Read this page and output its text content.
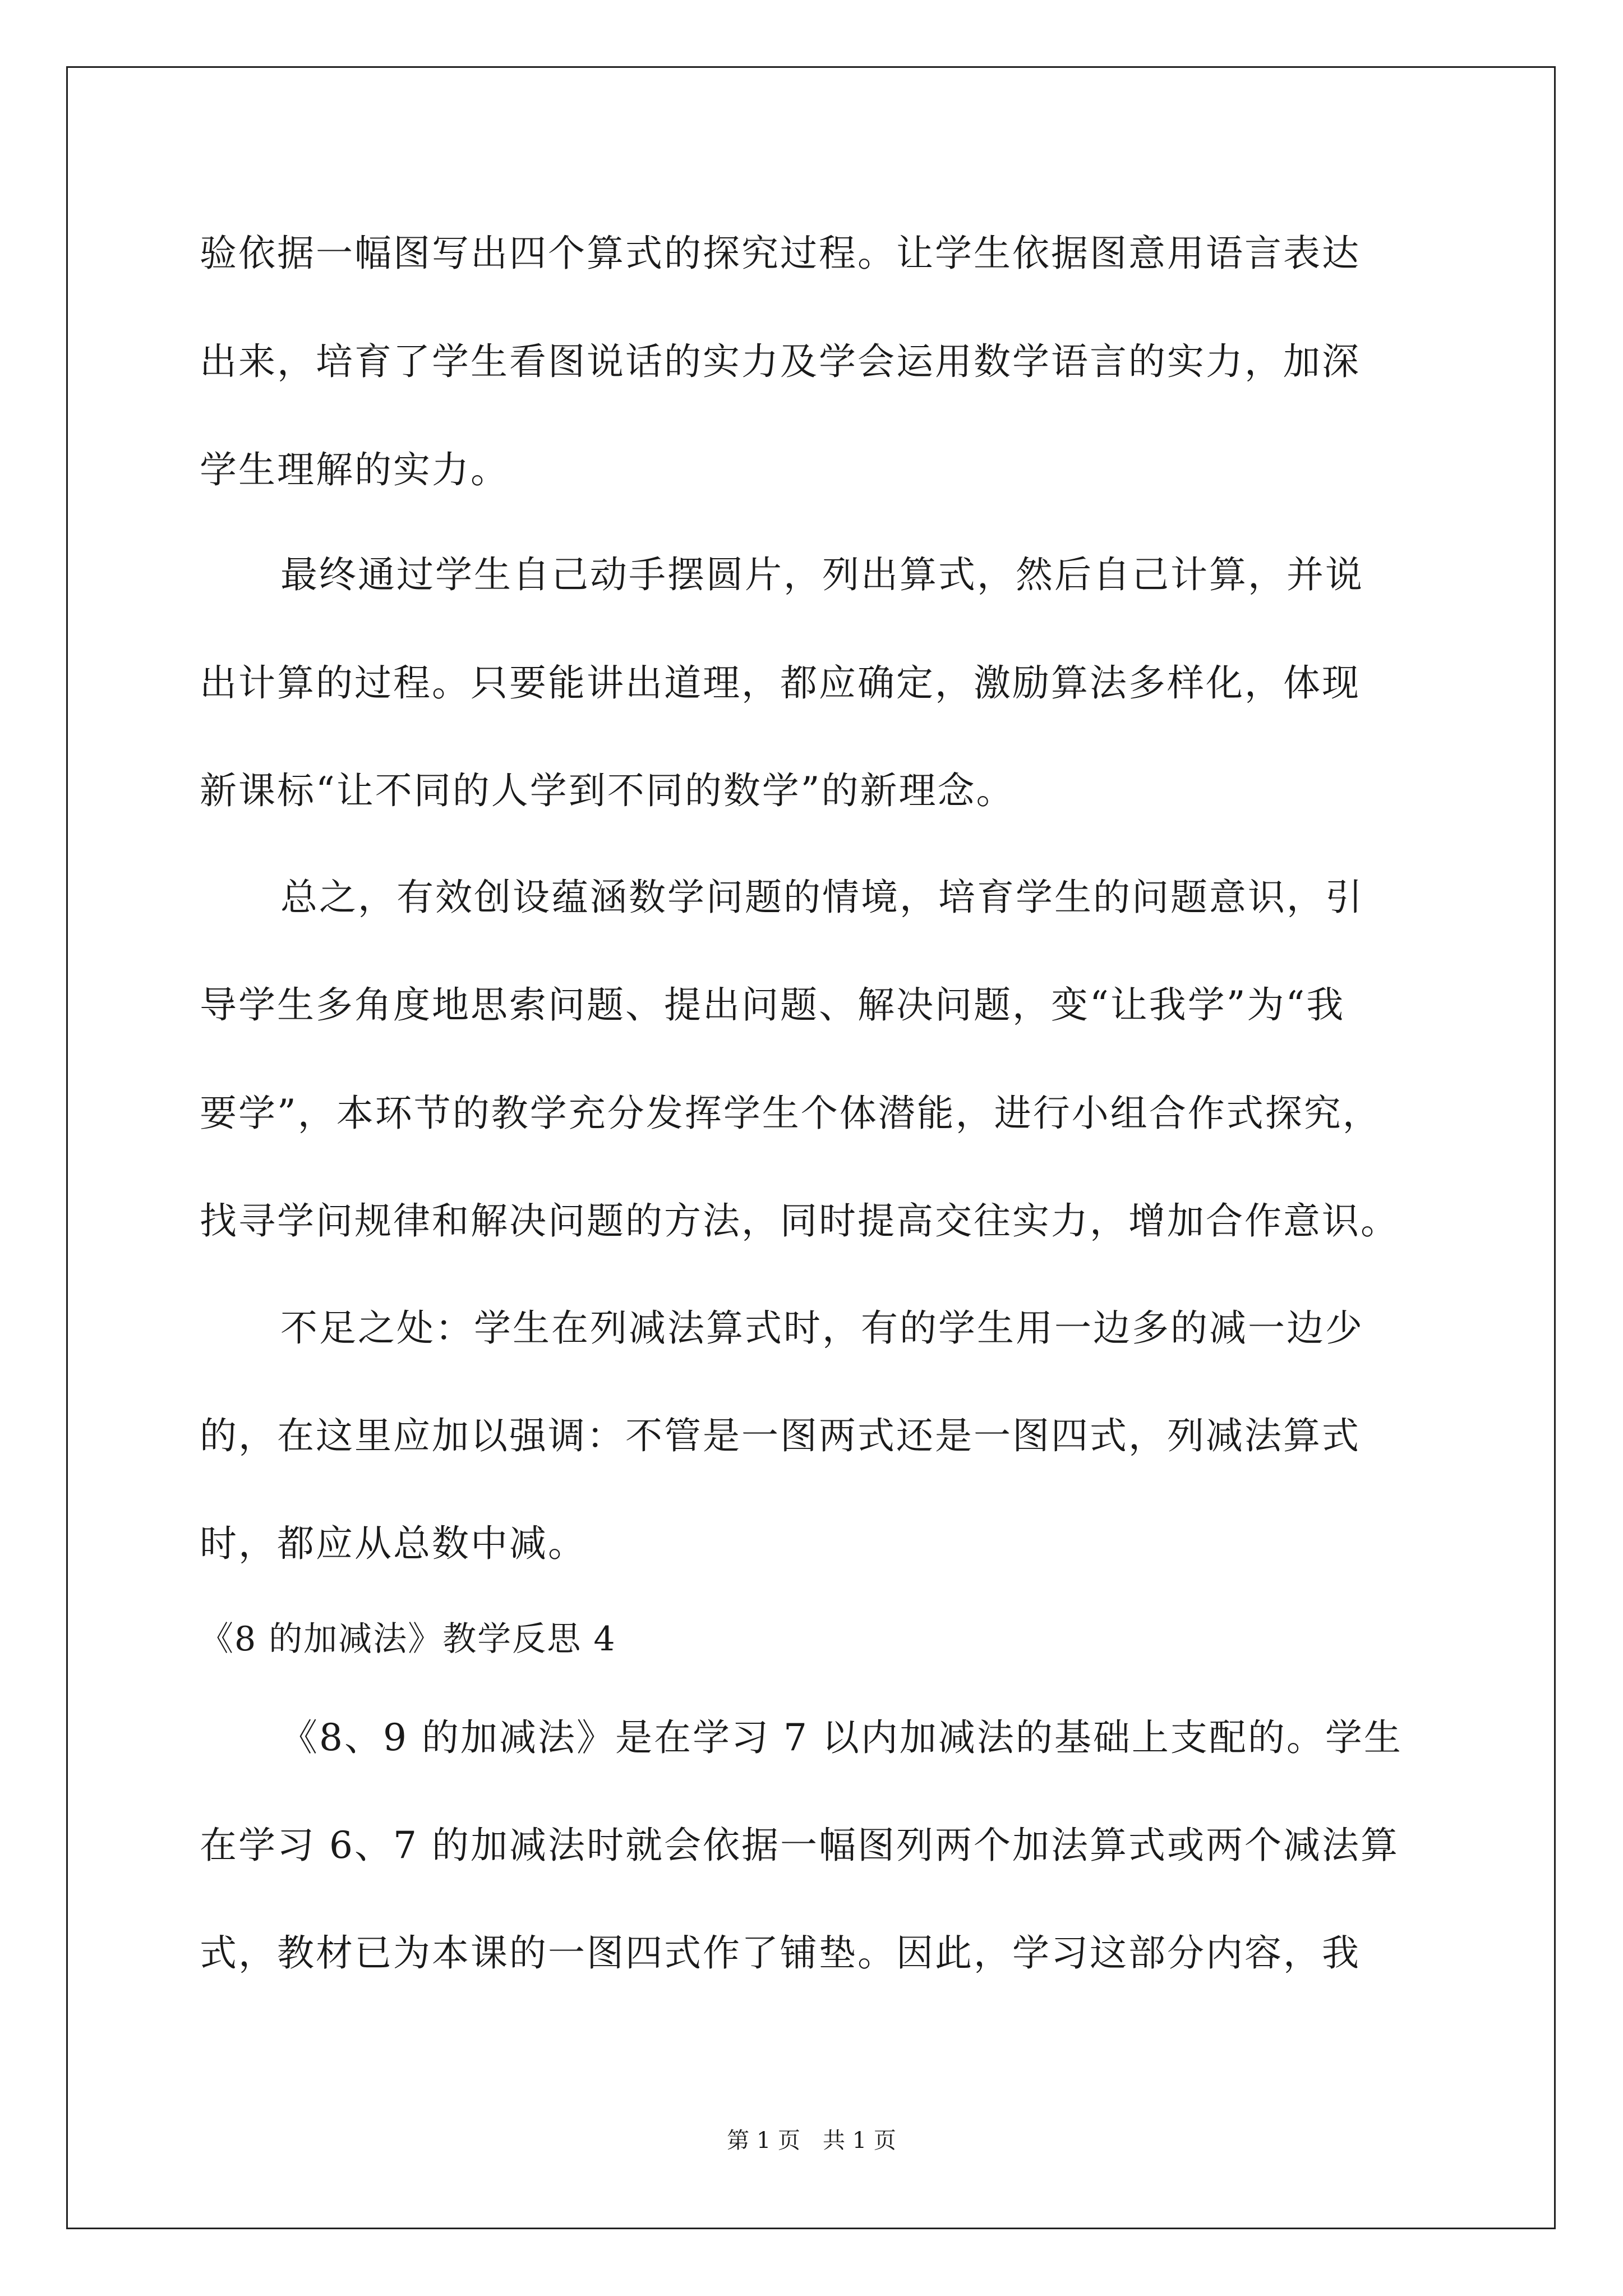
验依据一幅图写出四个算式的探究过程。让学生依据图意用语言表达
出来，培育了学生看图说话的实力及学会运用数学语言的实力，加深
学生理解的实力。
最终通过学生自己动手摆圆片，列出算式，然后自己计算，并说
出计算的过程。只要能讲出道理，都应确定，激励算法多样化，体现
新课标“让不同的人学到不同的数学”的新理念。
总之，有效创设蕴涵数学问题的情境，培育学生的问题意识，引
导学生多角度地思索问题、提出问题、解决问题，变“让我学”为“我
要学”，本环节的教学充分发挥学生个体潜能，进行小组合作式探究，
找寻学问规律和解决问题的方法，同时提高交往实力，增加合作意识。
不足之处：学生在列减法算式时，有的学生用一边多的减一边少
的，在这里应加以强调：不管是一图两式还是一图四式，列减法算式
时，都应从总数中减。
《8 的加减法》教学反思 4
《8、9 的加减法》是在学习 7 以内加减法的基础上支配的。学生
在学习 6、7 的加减法时就会依据一幅图列两个加法算式或两个减法算
式，教材已为本课的一图四式作了铺垫。因此，学习这部分内容，我
第 1 页　共 1 页
